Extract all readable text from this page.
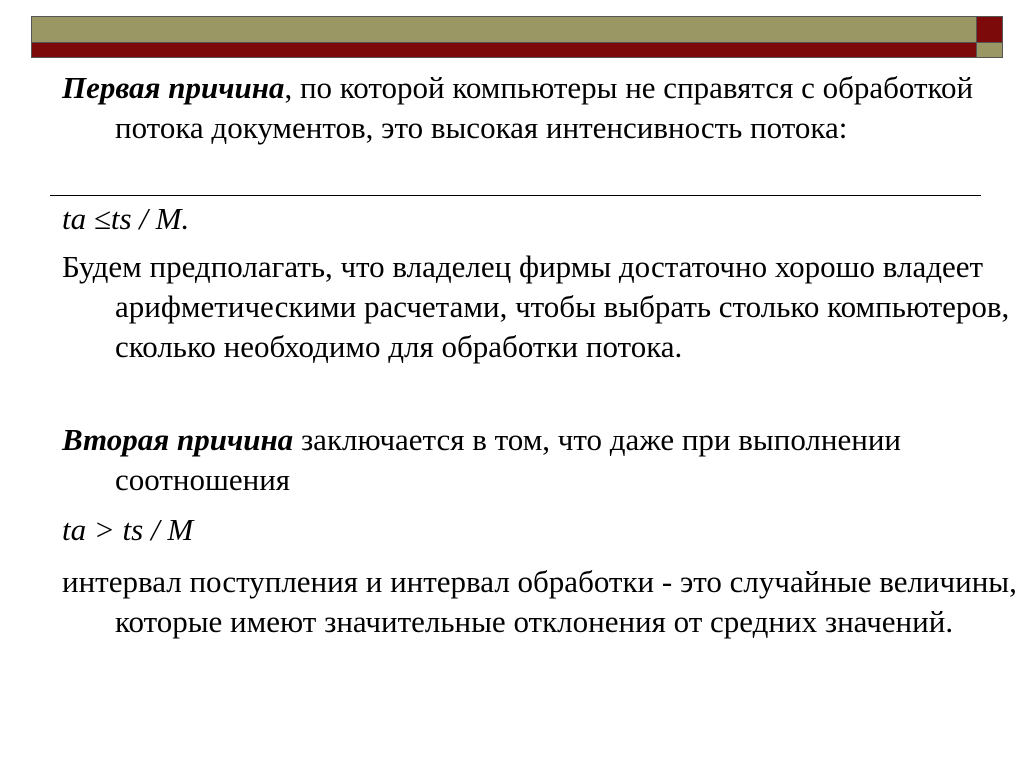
Первая причина, по которой компьютеры не справятся с обработкой потока документов, это высокая интенсивность потока:

ta ≤ts / M.

Будем предполагать, что владелец фирмы достаточно хорошо владеет арифметическими расчетами, чтобы выбрать столько компьютеров, сколько необходимо для обработки потока.

Вторая причина заключается в том, что даже при выполнении соотношения

ta > ts / M

интервал поступления и интервал обработки - это случайные величины, которые имеют значительные отклонения от средних значений.
